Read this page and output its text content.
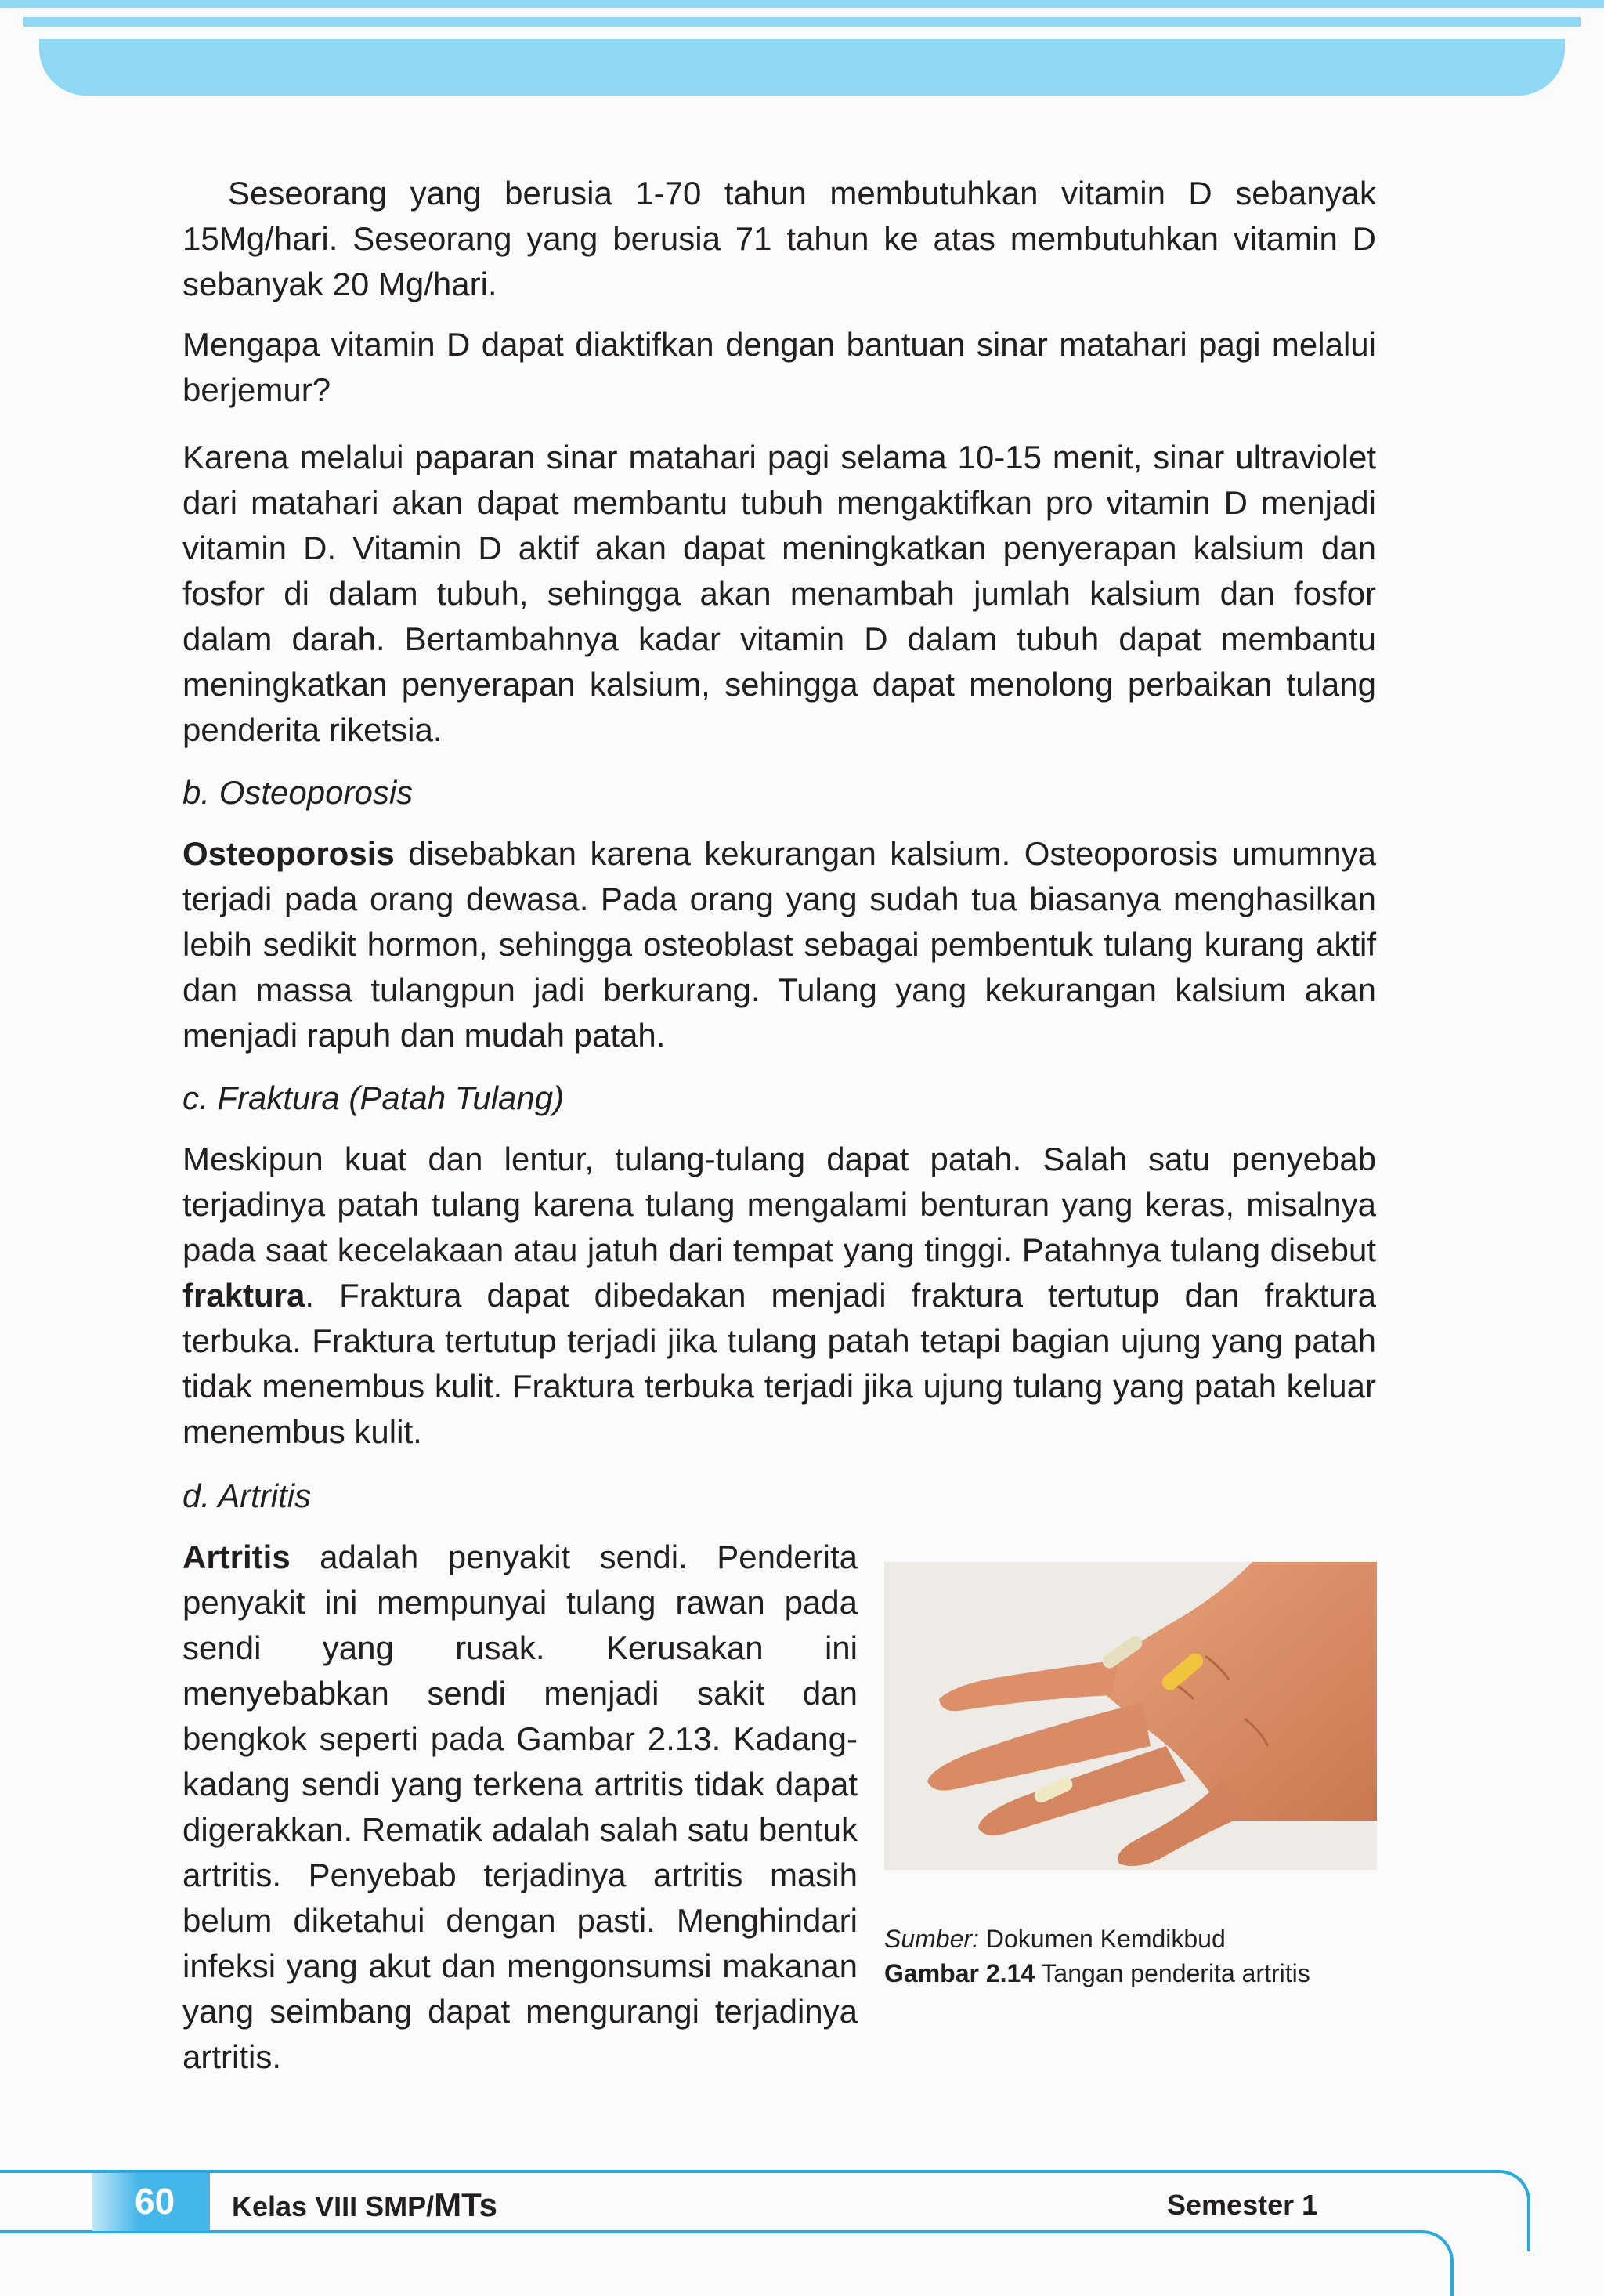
Seseorang yang berusia 1-70 tahun membutuhkan vitamin D sebanyak 15Mg/hari. Seseorang yang berusia 71 tahun ke atas membutuhkan vitamin D sebanyak 20 Mg/hari.

Mengapa vitamin D dapat diaktifkan dengan bantuan sinar matahari pagi melalui berjemur?

Karena melalui paparan sinar matahari pagi selama 10-15 menit, sinar ultraviolet dari matahari akan dapat membantu tubuh mengaktifkan pro vitamin D menjadi vitamin D. Vitamin D aktif akan dapat meningkatkan penyerapan kalsium dan fosfor di dalam tubuh, sehingga akan menambah jumlah kalsium dan fosfor dalam darah. Bertambahnya kadar vitamin D dalam tubuh dapat membantu meningkatkan penyerapan kalsium, sehingga dapat menolong perbaikan tulang penderita riketsia.

b. Osteoporosis

Osteoporosis disebabkan karena kekurangan kalsium. Osteoporosis umumnya terjadi pada orang dewasa. Pada orang yang sudah tua biasanya menghasilkan lebih sedikit hormon, sehingga osteoblast sebagai pembentuk tulang kurang aktif dan massa tulangpun jadi berkurang. Tulang yang kekurangan kalsium akan menjadi rapuh dan mudah patah.

c. Fraktura (Patah Tulang)

Meskipun kuat dan lentur, tulang-tulang dapat patah. Salah satu penyebab terjadinya patah tulang karena tulang mengalami benturan yang keras, misalnya pada saat kecelakaan atau jatuh dari tempat yang tinggi. Patahnya tulang disebut fraktura. Fraktura dapat dibedakan menjadi fraktura tertutup dan fraktura terbuka. Fraktura tertutup terjadi jika tulang patah tetapi bagian ujung yang patah tidak menembus kulit. Fraktura terbuka terjadi jika ujung tulang yang patah keluar menembus kulit.

d. Artritis

Artritis adalah penyakit sendi. Penderita penyakit ini mempunyai tulang rawan pada sendi yang rusak. Kerusakan ini menyebabkan sendi menjadi sakit dan bengkok seperti pada Gambar 2.13. Kadang-kadang sendi yang terkena artritis tidak dapat digerakkan. Rematik adalah salah satu bentuk artritis. Penyebab terjadinya artritis masih belum diketahui dengan pasti. Menghindari infeksi yang akut dan mengonsumsi makanan yang seimbang dapat mengurangi terjadinya artritis.

Sumber: Dokumen Kemdikbud

Gambar 2.14 Tangan penderita artritis

60 Kelas VIII SMP/MTs	Semester 1
